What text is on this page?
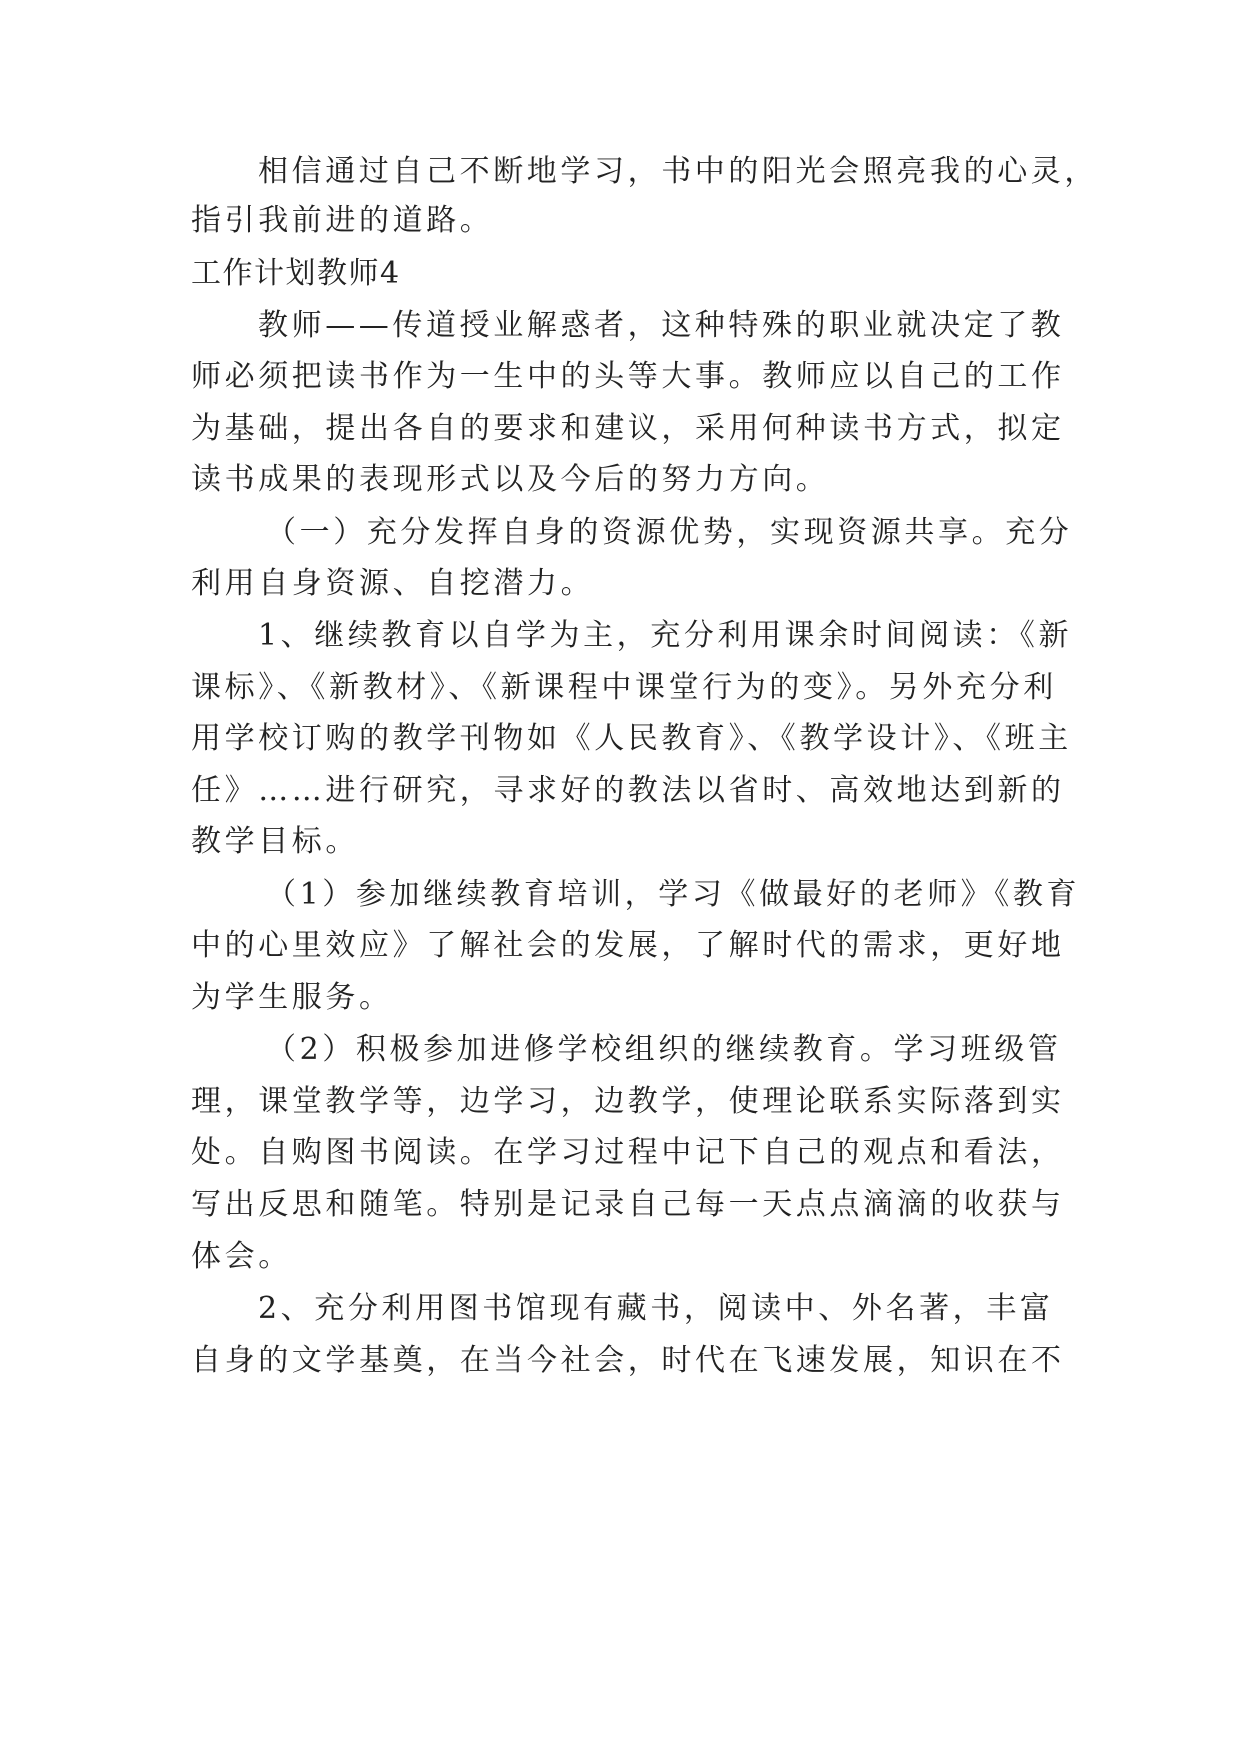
相信通过自己不断地学习，书中的阳光会照亮我的心灵，

指引我前进的道路。

工作计划教师4

教师——传道授业解惑者，这种特殊的职业就决定了教

师必须把读书作为一生中的头等大事。教师应以自己的工作

为基础，提出各自的要求和建议，采用何种读书方式，拟定

读书成果的表现形式以及今后的努力方向。

（一）充分发挥自身的资源优势，实现资源共享。充分

利用自身资源、自挖潜力。

1、继续教育以自学为主，充分利用课余时间阅读：《新

课标》、《新教材》、《新课程中课堂行为的变》。另外充分利

用学校订购的教学刊物如《人民教育》、《教学设计》、《班主

任》……进行研究，寻求好的教法以省时、高效地达到新的

教学目标。

（1）参加继续教育培训，学习《做最好的老师》《教育

中的心里效应》了解社会的发展，了解时代的需求，更好地

为学生服务。

（2）积极参加进修学校组织的继续教育。学习班级管

理，课堂教学等，边学习，边教学，使理论联系实际落到实

处。自购图书阅读。在学习过程中记下自己的观点和看法，

写出反思和随笔。特别是记录自己每一天点点滴滴的收获与

体会。

2、充分利用图书馆现有藏书，阅读中、外名著，丰富

自身的文学基奠，在当今社会，时代在飞速发展，知识在不
